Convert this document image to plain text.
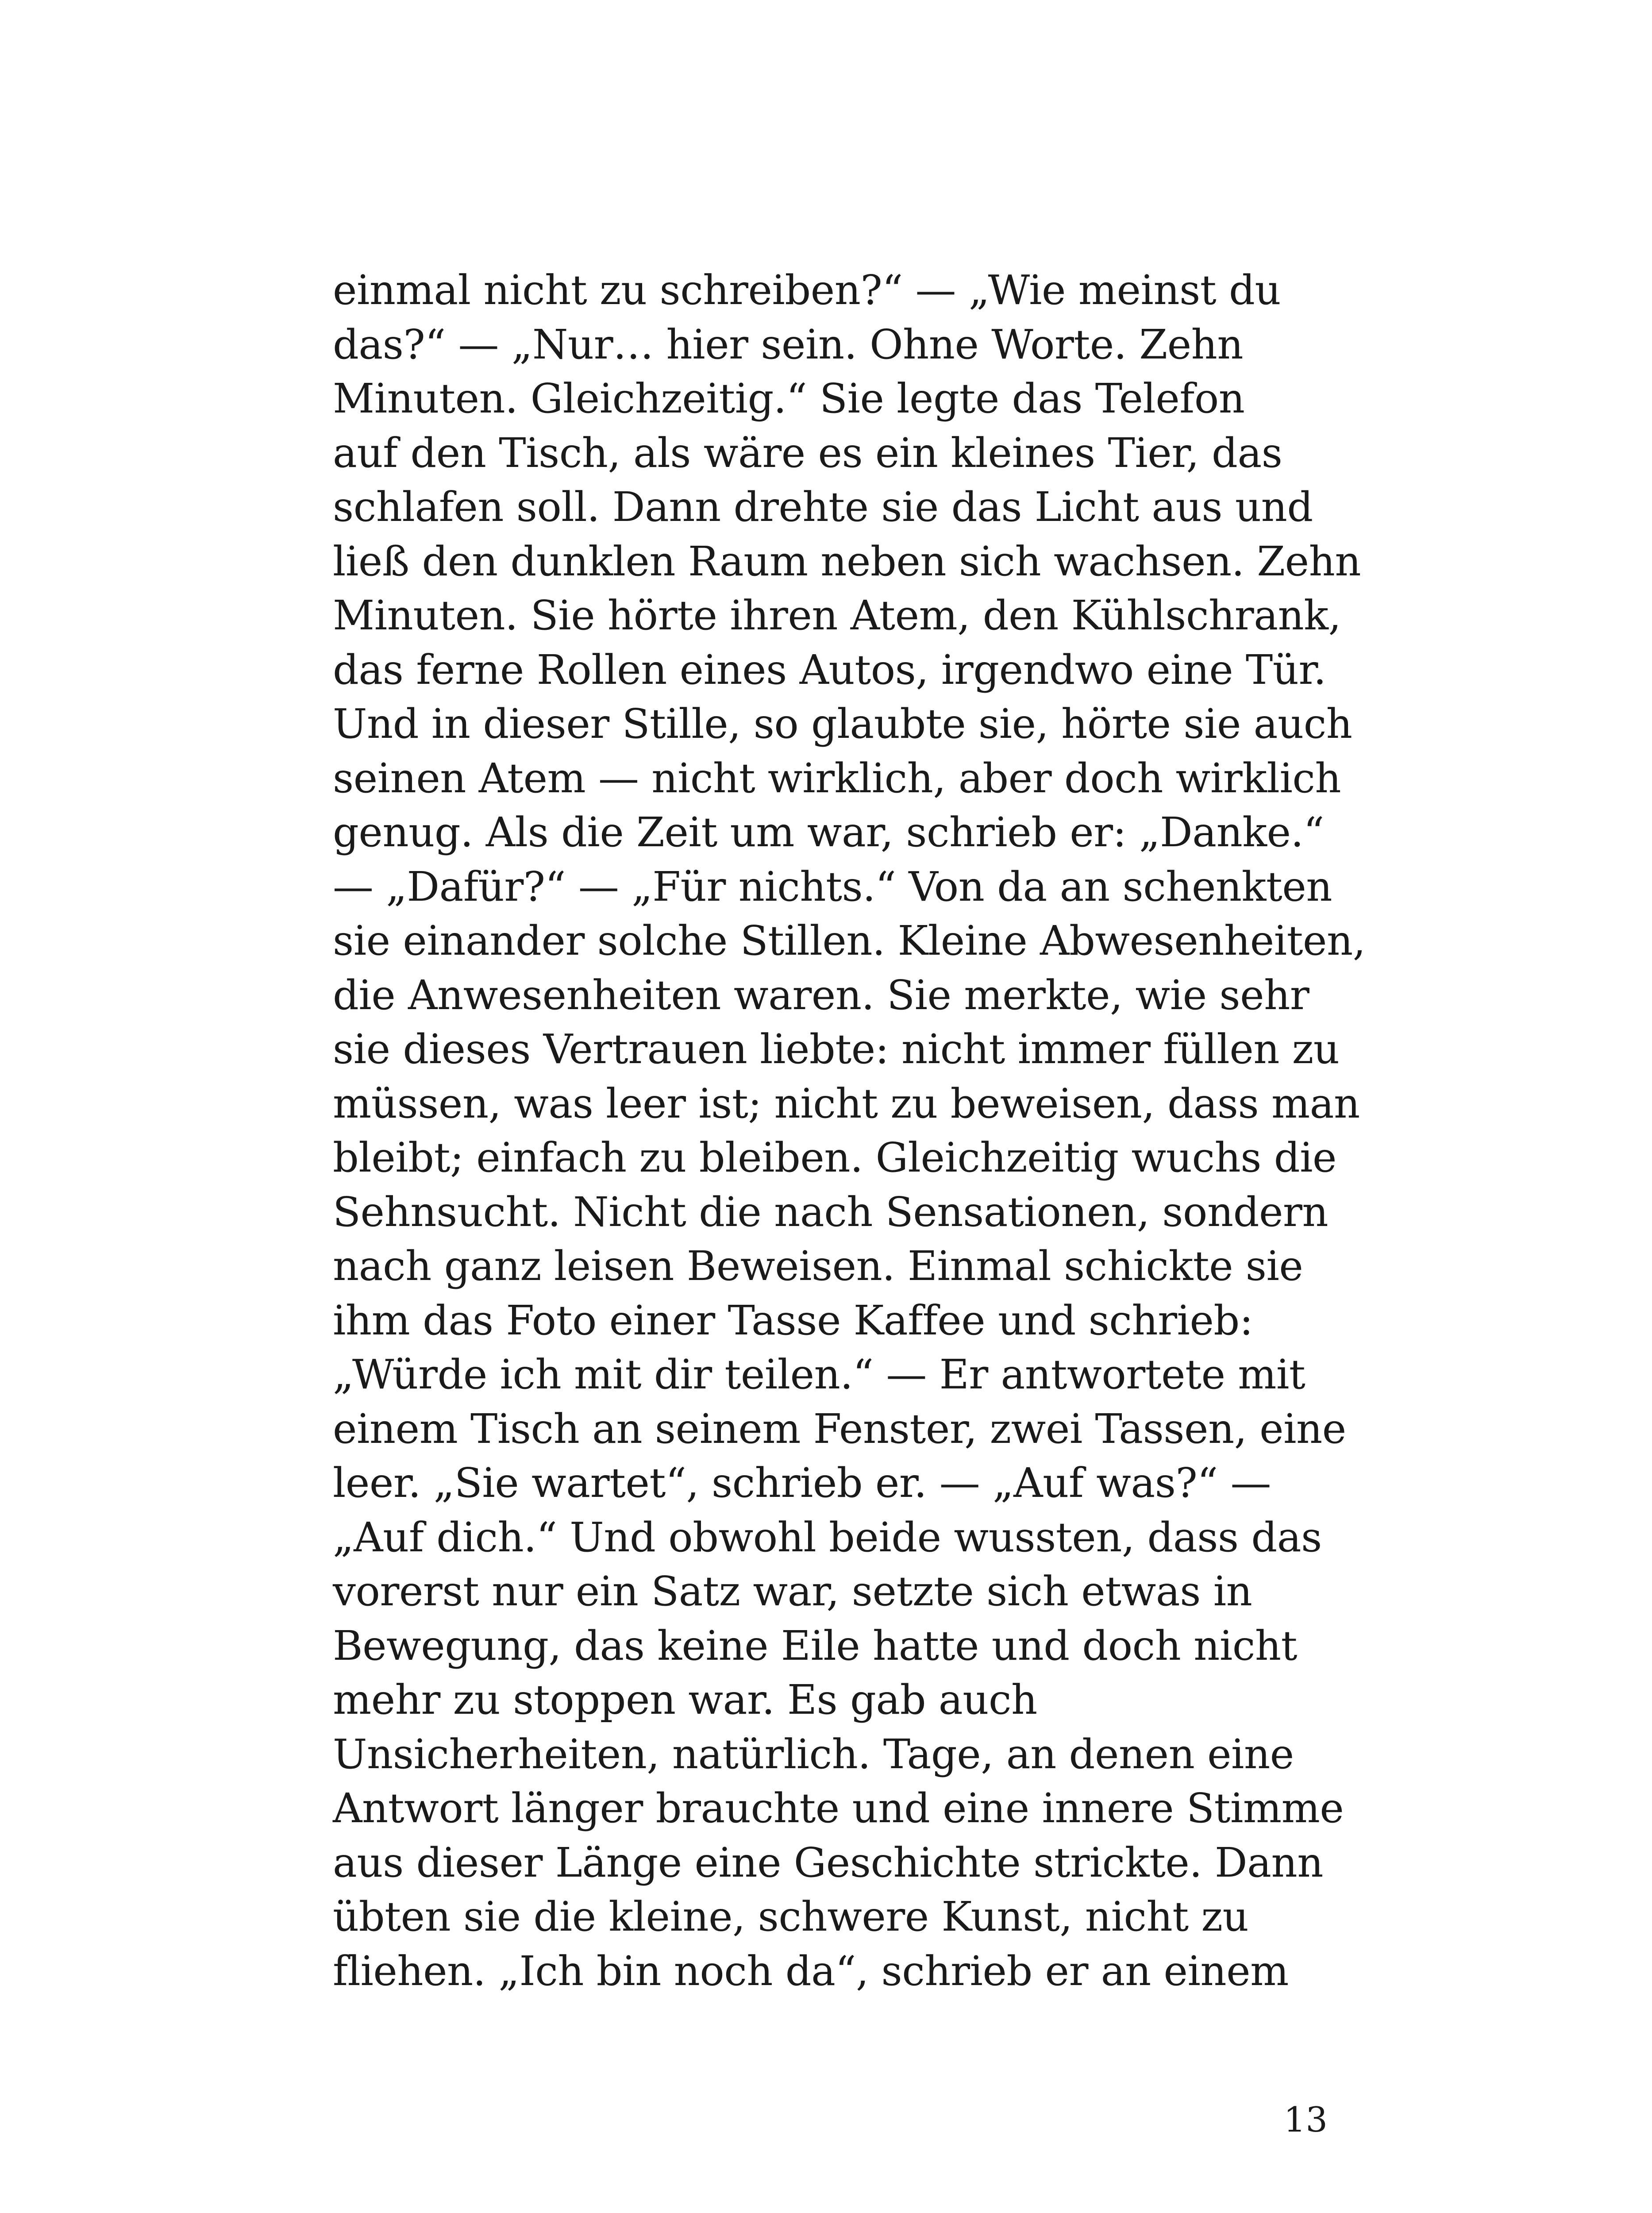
einmal nicht zu schreiben?“ — „Wie meinst du
das?“ — „Nur… hier sein. Ohne Worte. Zehn
Minuten. Gleichzeitig.“ Sie legte das Telefon
auf den Tisch, als wäre es ein kleines Tier, das
schlafen soll. Dann drehte sie das Licht aus und
ließ den dunklen Raum neben sich wachsen. Zehn
Minuten. Sie hörte ihren Atem, den Kühlschrank,
das ferne Rollen eines Autos, irgendwo eine Tür.
Und in dieser Stille, so glaubte sie, hörte sie auch
seinen Atem — nicht wirklich, aber doch wirklich
genug. Als die Zeit um war, schrieb er: „Danke.“
— „Dafür?“ — „Für nichts.“ Von da an schenkten
sie einander solche Stillen. Kleine Abwesenheiten,
die Anwesenheiten waren. Sie merkte, wie sehr
sie dieses Vertrauen liebte: nicht immer füllen zu
müssen, was leer ist; nicht zu beweisen, dass man
bleibt; einfach zu bleiben. Gleichzeitig wuchs die
Sehnsucht. Nicht die nach Sensationen, sondern
nach ganz leisen Beweisen. Einmal schickte sie
ihm das Foto einer Tasse Kaffee und schrieb:
„Würde ich mit dir teilen.“ — Er antwortete mit
einem Tisch an seinem Fenster, zwei Tassen, eine
leer. „Sie wartet“, schrieb er. — „Auf was?“ —
„Auf dich.“ Und obwohl beide wussten, dass das
vorerst nur ein Satz war, setzte sich etwas in
Bewegung, das keine Eile hatte und doch nicht
mehr zu stoppen war. Es gab auch
Unsicherheiten, natürlich. Tage, an denen eine
Antwort länger brauchte und eine innere Stimme
aus dieser Länge eine Geschichte strickte. Dann
übten sie die kleine, schwere Kunst, nicht zu
fliehen. „Ich bin noch da“, schrieb er an einem
13
